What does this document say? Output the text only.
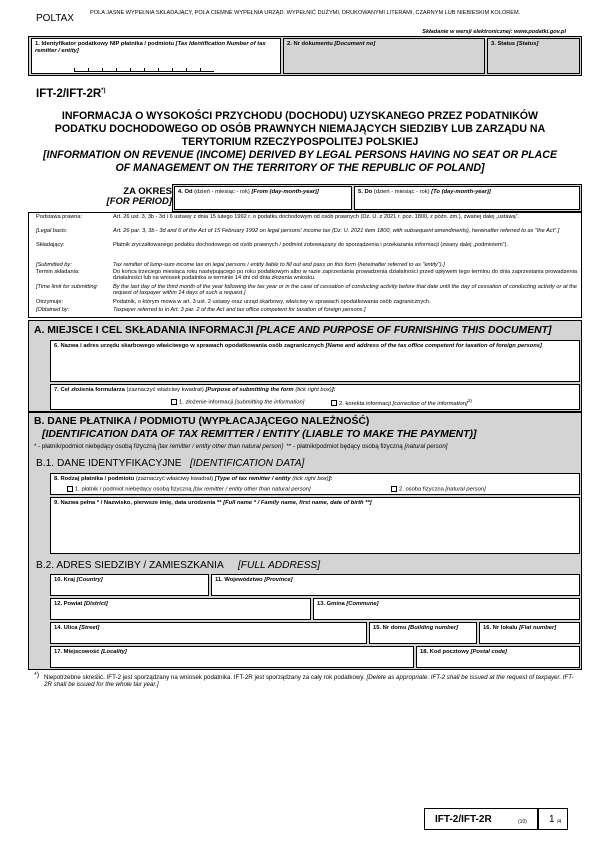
POLTAX	POLA JASNE WYPEŁNIA SKŁADAJĄCY, POLA CIEMNE WYPEŁNIA URZĄD. WYPEŁNIĆ DUŻYMI, DRUKOWANYMI LITERAMI, CZARNYM LUB NIEBIESKIM KOLOREM.
Składanie w wersji elektronicznej: www.podatki.gov.pl
1. Identyfikator podatkowy NIP płatnika / podmiotu [Tax Identification Number of tax remitter / entity]
2. Nr dokumentu [Document no]	3. Status [Status]
IFT-2/IFT-2R*)
INFORMACJA O WYSOKOŚCI PRZYCHODU (DOCHODU) UZYSKANEGO PRZEZ PODATNIKÓW PODATKU DOCHODOWEGO OD OSÓB PRAWNYCH NIEMAJĄCYCH SIEDZIBY LUB ZARZĄDU NA TERYTORIUM RZECZYPOSPOLITEJ POLSKIEJ
[INFORMATION ON REVENUE (INCOME) DERIVED BY LEGAL PERSONS HAVING NO SEAT OR PLACE OF MANAGEMENT ON THE TERRITORY OF THE REPUBLIC OF POLAND]
ZA OKRES
[FOR PERIOD]
4. Od (dzień - miesiąc - rok) [From (day-month-year)]	5. Do (dzień - miesiąc - rok) [To (day-month-year)]
Podstawa prawna:	Art. 26 ust. 3, 3b - 3d i 6 ustawy z dnia 15 lutego 1992 r. o podatku dochodowym od osób prawnych (Dz. U. z 2021 r. poz. 1800, z późn. zm.), zwanej dalej „ustawą”.
[Legal basis:	Art. 26 par. 3, 3b - 3d and 6 of the Act of 15 February 1992 on legal persons' income tax (Dz. U. 2021 item 1800, with subsequent amendments), hereinafter referred to as "the Act".]
Składający:	Płatnik zryczałtowanego podatku dochodowego od osób prawnych / podmiot zobowiązany do sporządzenia i przekazania informacji (zwany dalej „podmiotem”).
[Submitted by:	Tax remitter of lump-sum income tax on legal persons / entity liable to fill out and pass on this form (hereinafter referred to as "entity").]
Termin składania:	Do końca trzeciego miesiąca roku następującego po roku podatkowym albo w razie zaprzestania prowadzenia działalności przed upływem tego terminu do dnia zaprzestania prowadzenia działalności lub na wniosek podatnika w terminie 14 dni od dnia złożenia wniosku.
[Time limit for submitting:	By the last day of the third month of the year following the tax year or in the case of cessation of conducting activity before that date until the day of cessation of conducting activity or at the request of taxpayer within 14 days of such a request.]
Otrzymuje:	Podatnik, o którym mowa w art. 3 ust. 2 ustawy oraz urząd skarbowy, właściwy w sprawach opodatkowania osób zagranicznych.
[Obtained by:	Taxpayer referred to in Art. 3 par. 2 of the Act and tax office competent for taxation of foreign persons.]
A. MIEJSCE I CEL SKŁADANIA INFORMACJI [PLACE AND PURPOSE OF FURNISHING THIS DOCUMENT]
6. Nazwa i adres urzędu skarbowego właściwego w sprawach opodatkowania osób zagranicznych [Name and address of the tax office competent for taxation of foreign persons]
7. Cel złożenia formularza (zaznaczyć właściwy kwadrat) [Purpose of submitting the form (tick right box)]:
1. złożenie informacji [submitting the information]	2. korekta informacji [correction of the information]$^{1)}$
B. DANE PŁATNIKA / PODMIOTU (WYPŁACAJĄCEGO NALEŻNOŚĆ)
[IDENTIFICATION DATA OF TAX REMITTER / ENTITY (LIABLE TO MAKE THE PAYMENT)]
* - płatnik/podmiot niebędący osobą fizyczną [tax remitter / entity other than natural person] ** - płatnik/podmiot będący osobą fizyczną [natural person]
B.1. DANE IDENTYFIKACYJNE [IDENTIFICATION DATA]
8. Rodzaj płatnika / podmiotu (zaznaczyć właściwy kwadrat) [Type of tax remitter / entity (tick right box)]:
1. płatnik / podmiot niebędący osobą fizyczną [tax remitter / entity other than natural person]	2. osoba fizyczna [natural person]
9. Nazwa pełna * / Nazwisko, pierwsze imię, data urodzenia ** [Full name * / Family name, first name, date of birth **]
B.2. ADRES SIEDZIBY / ZAMIESZKANIA [FULL ADDRESS]
10. Kraj [Country]	11. Województwo [Province]
12. Powiat [District]	13. Gmina [Commune]
14. Ulica [Street]	15. Nr domu [Building number]	16. Nr lokalu [Flat number]
17. Miejscowość [Locality]	18. Kod pocztowy [Postal code]
*) Niepotrzebne skreślić. IFT-2 jest sporządzany na wniosek podatnika. IFT-2R jest sporządzany za cały rok podatkowy. [Delete as appropriate. IFT-2 shall be issued at the request of taxpayer. IFT-2R shall be issued for the whole tax year.]
IFT-2/IFT-2R	(10) 1 /4
